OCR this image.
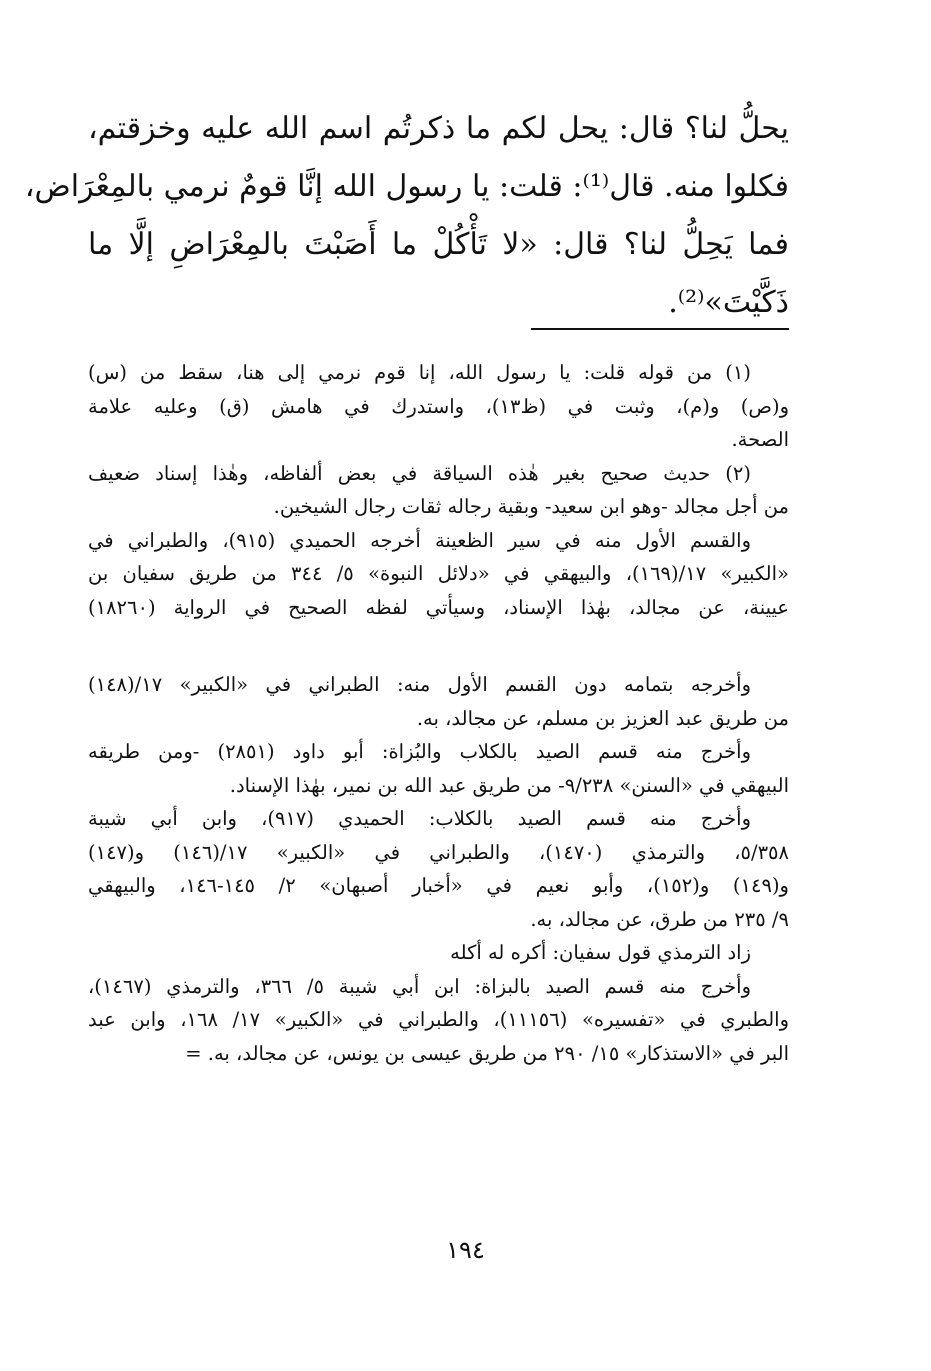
يحلُّ لنا؟ قال: يحل لكم ما ذكرتُم اسم الله عليه وخزقتم،
فكلوا منه. قال⁽¹⁾: قلت: يا رسول الله إنَّا قومٌ نرمي بالمِعْرَاض،
فما يَحِلُّ لنا؟ قال: «لا تَأْكُلْ ما أَصَبْتَ بالمِعْرَاضِ إلَّا ما
ذَكَّيْتَ»⁽²⁾.
(١) من قوله قلت: يا رسول الله، إنا قوم نرمي إلى هنا، سقط من (س)
و(ص) و(م)، وثبت في (ظ١٣)، واستدرك في هامش (ق) وعليه علامة
الصحة.
(٢) حديث صحيح بغير هٰذه السياقة في بعض ألفاظه، وهٰذا إسناد ضعيف
من أجل مجالد -وهو ابن سعيد- وبقية رجاله ثقات رجال الشيخين.
والقسم الأول منه في سير الظعينة أخرجه الحميدي (٩١٥)، والطبراني في
«الكبير» ١٧/(١٦٩)، والبيهقي في «دلائل النبوة» ٥/ ٣٤٤ من طريق سفيان بن
عيينة، عن مجالد، بهٰذا الإسناد، وسيأتي لفظه الصحيح في الرواية (١٨٢٦٠)
وأخرجه بتمامه دون القسم الأول منه: الطبراني في «الكبير» ١٧/(١٤٨)
من طريق عبد العزيز بن مسلم، عن مجالد، به.
وأخرج منه قسم الصيد بالكلاب والبُزاة: أبو داود (٢٨٥١) -ومن طريقه
البيهقي في «السنن» ٩/٢٣٨- من طريق عبد الله بن نمير، بهٰذا الإسناد.
وأخرج منه قسم الصيد بالكلاب: الحميدي (٩١٧)، وابن أبي شيبة
٥/٣٥٨، والترمذي (١٤٧٠)، والطبراني في «الكبير» ١٧/(١٤٦) و(١٤٧)
و(١٤٩) و(١٥٢)، وأبو نعيم في «أخبار أصبهان» ٢/ ١٤٥-١٤٦، والبيهقي
٩/ ٢٣٥ من طرق، عن مجالد، به.
زاد الترمذي قول سفيان: أكره له أكله
وأخرج منه قسم الصيد بالبزاة: ابن أبي شيبة ٥/ ٣٦٦، والترمذي (١٤٦٧)،
والطبري في «تفسيره» (١١١٥٦)، والطبراني في «الكبير» ١٧/ ١٦٨، وابن عبد
البر في «الاستذكار» ١٥/ ٢٩٠ من طريق عيسى بن يونس، عن مجالد، به. =
١٩٤
